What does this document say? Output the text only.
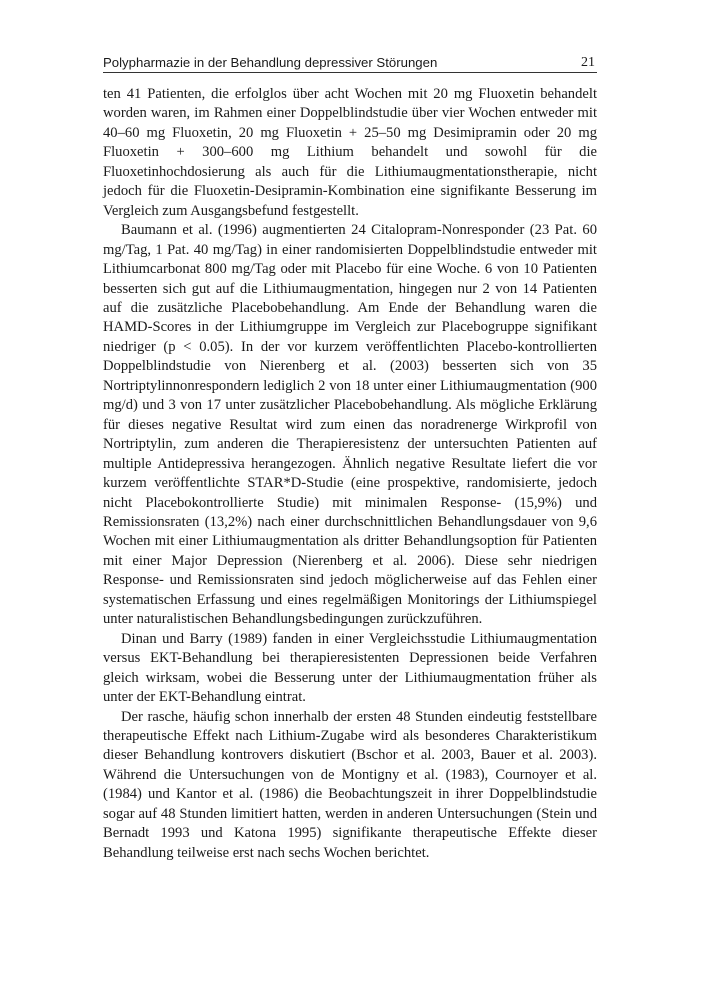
Polypharmazie in der Behandlung depressiver Störungen	21

ten 41 Patienten, die erfolglos über acht Wochen mit 20 mg Fluoxetin behandelt worden waren, im Rahmen einer Doppelblindstudie über vier Wochen entweder mit 40–60 mg Fluoxetin, 20 mg Fluoxetin + 25–50 mg Desimipramin oder 20 mg Fluoxetin + 300–600 mg Lithium behandelt und sowohl für die Fluoxetinhochdosierung als auch für die Lithiumaugmentationstherapie, nicht jedoch für die Fluoxetin-Desipramin-Kombination eine signifikante Besserung im Vergleich zum Ausgangsbefund festgestellt.

Baumann et al. (1996) augmentierten 24 Citalopram-Nonresponder (23 Pat. 60 mg/Tag, 1 Pat. 40 mg/Tag) in einer randomisierten Doppelblindstudie entweder mit Lithiumcarbonat 800 mg/Tag oder mit Placebo für eine Woche. 6 von 10 Patienten besserten sich gut auf die Lithiumaugmentation, hingegen nur 2 von 14 Patienten auf die zusätzliche Placebobehandlung. Am Ende der Behandlung waren die HAMD-Scores in der Lithiumgruppe im Vergleich zur Placebogruppe signifikant niedriger (p < 0.05). In der vor kurzem veröffentlichten Placebo-kontrollierten Doppelblindstudie von Nierenberg et al. (2003) besserten sich von 35 Nortriptylinnonrespondern lediglich 2 von 18 unter einer Lithiumaugmentation (900 mg/d) und 3 von 17 unter zusätzlicher Placebobehandlung. Als mögliche Erklärung für dieses negative Resultat wird zum einen das noradrenerge Wirkprofil von Nortriptylin, zum anderen die Therapieresistenz der untersuchten Patienten auf multiple Antidepressiva herangezogen. Ähnlich negative Resultate liefert die vor kurzem veröffentlichte STAR*D-Studie (eine prospektive, randomisierte, jedoch nicht Placebokontrollierte Studie) mit minimalen Response- (15,9%) und Remissionsraten (13,2%) nach einer durchschnittlichen Behandlungsdauer von 9,6 Wochen mit einer Lithiumaugmentation als dritter Behandlungsoption für Patienten mit einer Major Depression (Nierenberg et al. 2006). Diese sehr niedrigen Response- und Remissionsraten sind jedoch möglicherweise auf das Fehlen einer systematischen Erfassung und eines regelmäßigen Monitorings der Lithiumspiegel unter naturalistischen Behandlungsbedingungen zurückzuführen.

Dinan und Barry (1989) fanden in einer Vergleichsstudie Lithiumaugmentation versus EKT-Behandlung bei therapieresistenten Depressionen beide Verfahren gleich wirksam, wobei die Besserung unter der Lithiumaugmentation früher als unter der EKT-Behandlung eintrat.

Der rasche, häufig schon innerhalb der ersten 48 Stunden eindeutig feststellbare therapeutische Effekt nach Lithium-Zugabe wird als besonderes Charakteristikum dieser Behandlung kontrovers diskutiert (Bschor et al. 2003, Bauer et al. 2003). Während die Untersuchungen von de Montigny et al. (1983), Cournoyer et al. (1984) und Kantor et al. (1986) die Beobachtungszeit in ihrer Doppelblindstudie sogar auf 48 Stunden limitiert hatten, werden in anderen Untersuchungen (Stein und Bernadt 1993 und Katona 1995) signifikante therapeutische Effekte dieser Behandlung teilweise erst nach sechs Wochen berichtet.
